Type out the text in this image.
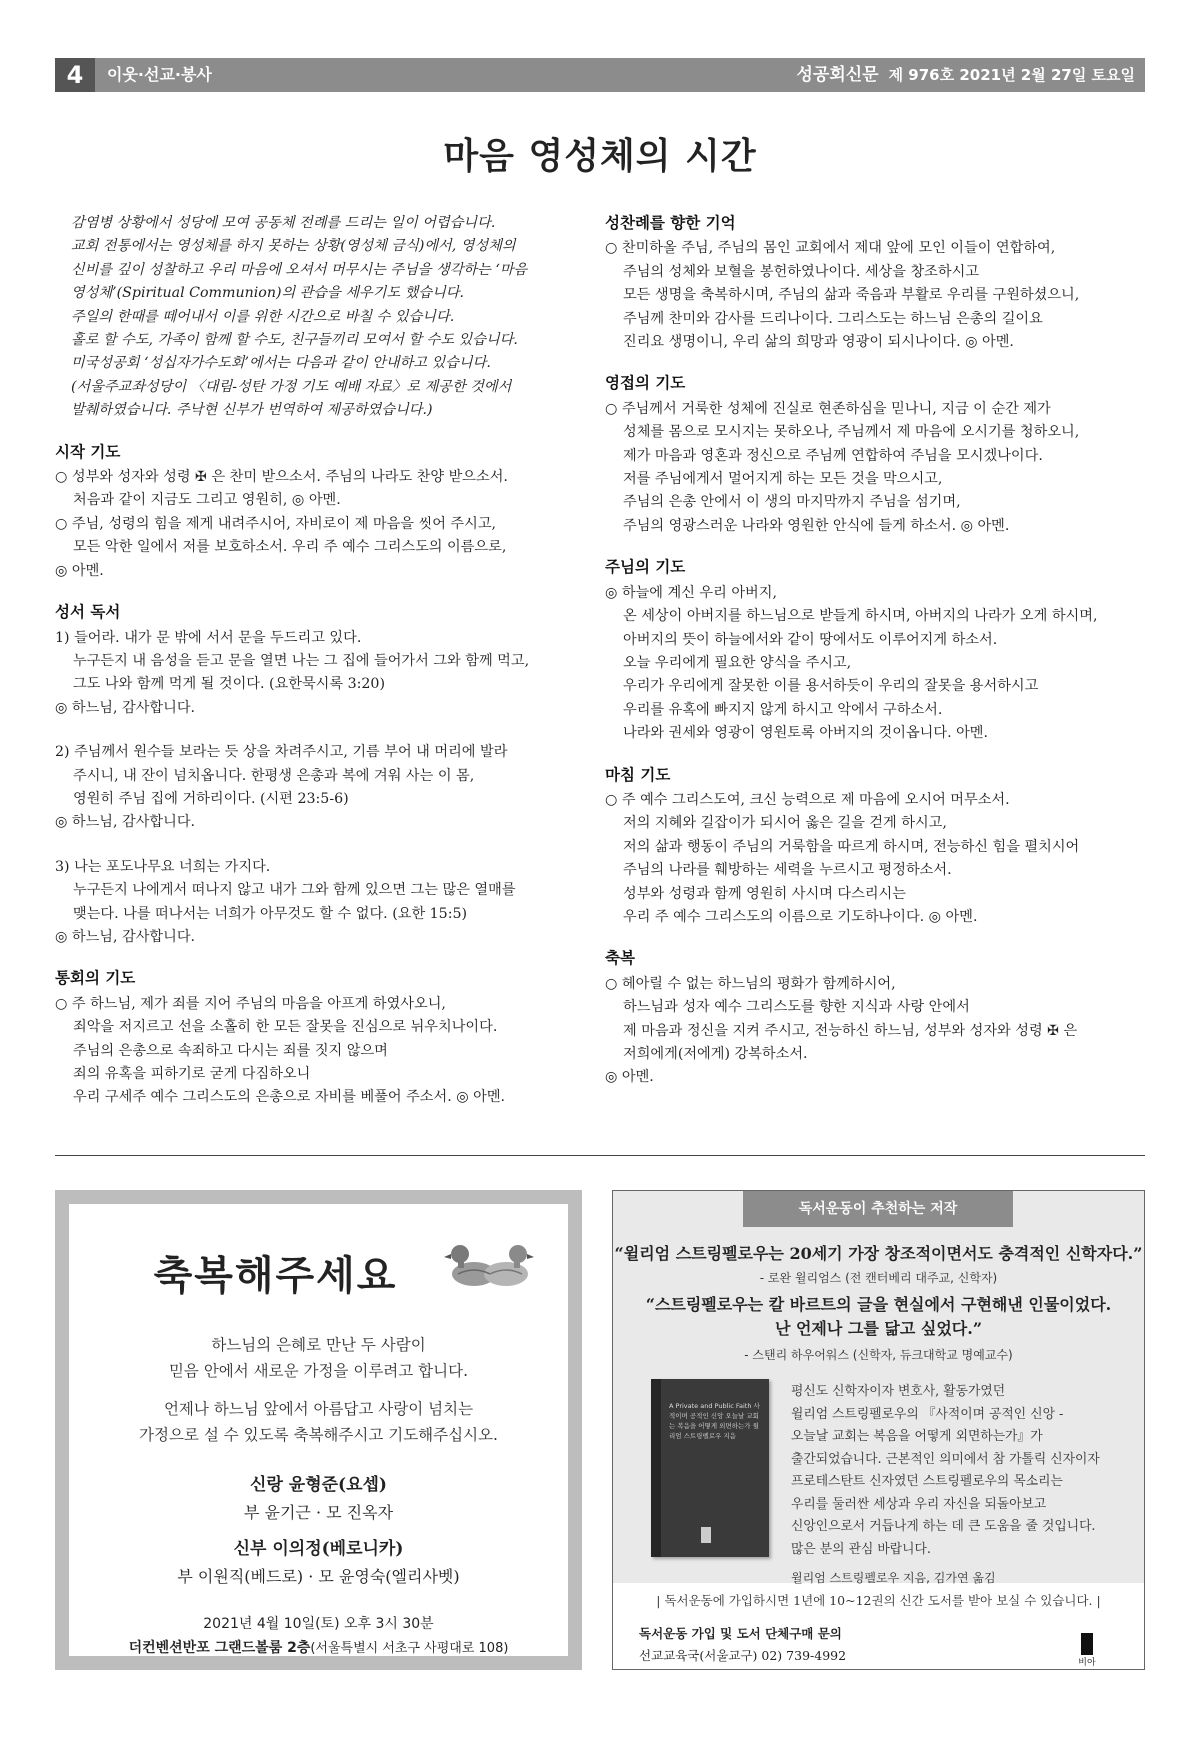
4	이웃·선교·봉사	성공회신문 제 976호 2021년 2월 27일 토요일
마음 영성체의 시간

감염병 상황에서 성당에 모여 공동체 전례를 드리는 일이 어렵습니다.

교회 전통에서는 영성체를 하지 못하는 상황(영성체 금식)에서, 영성체의

신비를 깊이 성찰하고 우리 마음에 오셔서 머무시는 주님을 생각하는 ‘마음

영성체’(Spiritual Communion)의 관습을 세우기도 했습니다.

주일의 한때를 떼어내서 이를 위한 시간으로 바칠 수 있습니다.

홀로 할 수도, 가족이 함께 할 수도, 친구들끼리 모여서 할 수도 있습니다.

미국성공회 ‘성십자가수도회’에서는 다음과 같이 안내하고 있습니다.

(서울주교좌성당이 〈대림-성탄 가정 기도 예배 자료〉로 제공한 것에서

발췌하였습니다. 주낙현 신부가 번역하여 제공하였습니다.)

시작 기도
○ 성부와 성자와 성령 ✠ 은 찬미 받으소서. 주님의 나라도 찬양 받으소서.
처음과 같이 지금도 그리고 영원히, ◎ 아멘.
○ 주님, 성령의 힘을 제게 내려주시어, 자비로이 제 마음을 씻어 주시고,
모든 악한 일에서 저를 보호하소서. 우리 주 예수 그리스도의 이름으로,
◎ 아멘.
성서 독서
1) 들어라. 내가 문 밖에 서서 문을 두드리고 있다.
누구든지 내 음성을 듣고 문을 열면 나는 그 집에 들어가서 그와 함께 먹고,
그도 나와 함께 먹게 될 것이다. (요한묵시록 3:20)
◎ 하느님, 감사합니다.
2) 주님께서 원수들 보라는 듯 상을 차려주시고, 기름 부어 내 머리에 발라
주시니, 내 잔이 넘치옵니다. 한평생 은총과 복에 겨워 사는 이 몸,
영원히 주님 집에 거하리이다. (시편 23:5-6)
◎ 하느님, 감사합니다.
3) 나는 포도나무요 너희는 가지다.
누구든지 나에게서 떠나지 않고 내가 그와 함께 있으면 그는 많은 열매를
맺는다. 나를 떠나서는 너희가 아무것도 할 수 없다. (요한 15:5)
◎ 하느님, 감사합니다.
통회의 기도
○ 주 하느님, 제가 죄를 지어 주님의 마음을 아프게 하였사오니,
죄악을 저지르고 선을 소홀히 한 모든 잘못을 진심으로 뉘우치나이다.
주님의 은총으로 속죄하고 다시는 죄를 짓지 않으며
죄의 유혹을 피하기로 굳게 다짐하오니
우리 구세주 예수 그리스도의 은총으로 자비를 베풀어 주소서. ◎ 아멘.
성찬례를 향한 기억
○ 찬미하올 주님, 주님의 몸인 교회에서 제대 앞에 모인 이들이 연합하여,
주님의 성체와 보혈을 봉헌하였나이다. 세상을 창조하시고
모든 생명을 축복하시며, 주님의 삶과 죽음과 부활로 우리를 구원하셨으니,
주님께 찬미와 감사를 드리나이다. 그리스도는 하느님 은총의 길이요
진리요 생명이니, 우리 삶의 희망과 영광이 되시나이다. ◎ 아멘.
영접의 기도
○ 주님께서 거룩한 성체에 진실로 현존하심을 믿나니, 지금 이 순간 제가
성체를 몸으로 모시지는 못하오나, 주님께서 제 마음에 오시기를 청하오니,
제가 마음과 영혼과 정신으로 주님께 연합하여 주님을 모시겠나이다.
저를 주님에게서 멀어지게 하는 모든 것을 막으시고,
주님의 은총 안에서 이 생의 마지막까지 주님을 섬기며,
주님의 영광스러운 나라와 영원한 안식에 들게 하소서. ◎ 아멘.
주님의 기도
◎ 하늘에 계신 우리 아버지,
온 세상이 아버지를 하느님으로 받들게 하시며, 아버지의 나라가 오게 하시며,
아버지의 뜻이 하늘에서와 같이 땅에서도 이루어지게 하소서.
오늘 우리에게 필요한 양식을 주시고,
우리가 우리에게 잘못한 이를 용서하듯이 우리의 잘못을 용서하시고
우리를 유혹에 빠지지 않게 하시고 악에서 구하소서.
나라와 권세와 영광이 영원토록 아버지의 것이옵니다. 아멘.
마침 기도
○ 주 예수 그리스도여, 크신 능력으로 제 마음에 오시어 머무소서.
저의 지혜와 길잡이가 되시어 옳은 길을 걷게 하시고,
저의 삶과 행동이 주님의 거룩함을 따르게 하시며, 전능하신 힘을 펼치시어
주님의 나라를 훼방하는 세력을 누르시고 평정하소서.
성부와 성령과 함께 영원히 사시며 다스리시는
우리 주 예수 그리스도의 이름으로 기도하나이다. ◎ 아멘.
축복
○ 헤아릴 수 없는 하느님의 평화가 함께하시어,
하느님과 성자 예수 그리스도를 향한 지식과 사랑 안에서
제 마음과 정신을 지켜 주시고, 전능하신 하느님, 성부와 성자와 성령 ✠ 은
저희에게(저에게) 강복하소서.
◎ 아멘.
축복해주세요
하느님의 은혜로 만난 두 사람이
믿음 안에서 새로운 가정을 이루려고 합니다.
언제나 하느님 앞에서 아름답고 사랑이 넘치는
가정으로 설 수 있도록 축복해주시고 기도해주십시오.
신랑 윤형준(요셉)
부 윤기근 · 모 진옥자
신부 이의정(베로니카)
부 이원직(베드로) · 모 윤영숙(엘리사벳)
2021년 4월 10일(토) 오후 3시 30분
더컨벤션반포 그랜드볼룸 2층(서울특별시 서초구 사평대로 108)
독서운동이 추천하는 저작
“윌리엄 스트링펠로우는 20세기 가장 창조적이면서도 충격적인 신학자다.”
- 로완 윌리엄스 (전 캔터베리 대주교, 신학자)
“스트링펠로우는 칼 바르트의 글을 현실에서 구현해낸 인물이었다.
난 언제나 그를 닮고 싶었다.”
- 스탠리 하우어워스 (신학자, 듀크대학교 명예교수)
A Private and Public Faith 사적이며 공적인 신앙 오늘날 교회는 복음을 어떻게 외면하는가 윌리엄 스트링펠로우 지음
평신도 신학자이자 변호사, 활동가였던
윌리엄 스트링펠로우의 『사적이며 공적인 신앙 -
오늘날 교회는 복음을 어떻게 외면하는가』가
출간되었습니다. 근본적인 의미에서 참 가톨릭 신자이자
프로테스탄트 신자였던 스트링펠로우의 목소리는
우리를 둘러싼 세상과 우리 자신을 되돌아보고
신앙인으로서 거듭나게 하는 데 큰 도움을 줄 것입니다.
많은 분의 관심 바랍니다.
윌리엄 스트링펠로우 지음, 김가연 옮김
| 독서운동에 가입하시면 1년에 10~12권의 신간 도서를 받아 보실 수 있습니다. |
독서운동 가입 및 도서 단체구매 문의
선교교육국(서울교구) 02) 739-4992	비아
